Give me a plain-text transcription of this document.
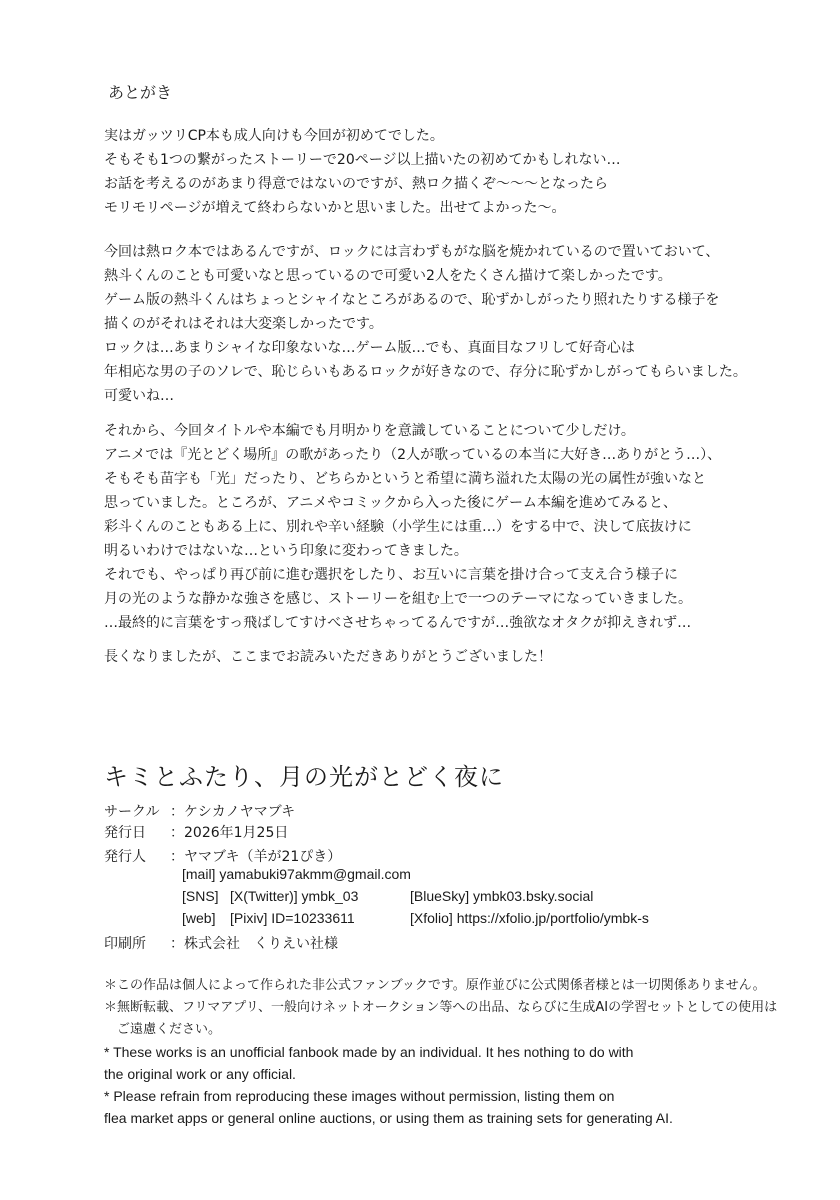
あとがき
実はガッツリCP本も成人向けも今回が初めてでした。
そもそも1つの繋がったストーリーで20ページ以上描いたの初めてかもしれない…
お話を考えるのがあまり得意ではないのですが、熱ロク描くぞ〜〜〜となったら
モリモリページが増えて終わらないかと思いました。出せてよかった〜。
今回は熱ロク本ではあるんですが、ロックには言わずもがな脳を焼かれているので置いておいて、
熱斗くんのことも可愛いなと思っているので可愛い2人をたくさん描けて楽しかったです。
ゲーム版の熱斗くんはちょっとシャイなところがあるので、恥ずかしがったり照れたりする様子を
描くのがそれはそれは大変楽しかったです。
ロックは…あまりシャイな印象ないな…ゲーム版…でも、真面目なフリして好奇心は
年相応な男の子のソレで、恥じらいもあるロックが好きなので、存分に恥ずかしがってもらいました。
可愛いね…
それから、今回タイトルや本編でも月明かりを意識していることについて少しだけ。
アニメでは『光とどく場所』の歌があったり（2人が歌っているの本当に大好き…ありがとう…）、
そもそも苗字も「光」だったり、どちらかというと希望に満ち溢れた太陽の光の属性が強いなと
思っていました。ところが、アニメやコミックから入った後にゲーム本編を進めてみると、
彩斗くんのこともある上に、別れや辛い経験（小学生には重…）をする中で、決して底抜けに
明るいわけではないな…という印象に変わってきました。
それでも、やっぱり再び前に進む選択をしたり、お互いに言葉を掛け合って支え合う様子に
月の光のような静かな強さを感じ、ストーリーを組む上で一つのテーマになっていきました。
…最終的に言葉をすっ飛ばしてすけべさせちゃってるんですが…強欲なオタクが抑えきれず…
長くなりましたが、ここまでお読みいただきありがとうございました！
キミとふたり、月の光がとどく夜に
サークル ：ケシカノヤマブキ
発行日 ：2026年1月25日
発行人 ：ヤマブキ（羊が21ぴき）
[mail] yamabuki97akmm@gmail.com
[SNS] [X(Twitter)] ymbk_03	[BlueSky] ymbk03.bsky.social
[web] [Pixiv] ID=10233611	[Xfolio] https://xfolio.jp/portfolio/ymbk-s
印刷所 ：株式会社　くりえい社様
＊この作品は個人によって作られた非公式ファンブックです。原作並びに公式関係者様とは一切関係ありません。
＊無断転載、フリマアプリ、一般向けネットオークション等への出品、ならびに生成AIの学習セットとしての使用は
　ご遠慮ください。
* These works is an unofficial fanbook made by an individual. It hes nothing to do with
the original work or any official.
* Please refrain from reproducing these images without permission, listing them on
flea market apps or general online auctions, or using them as training sets for generating AI.
